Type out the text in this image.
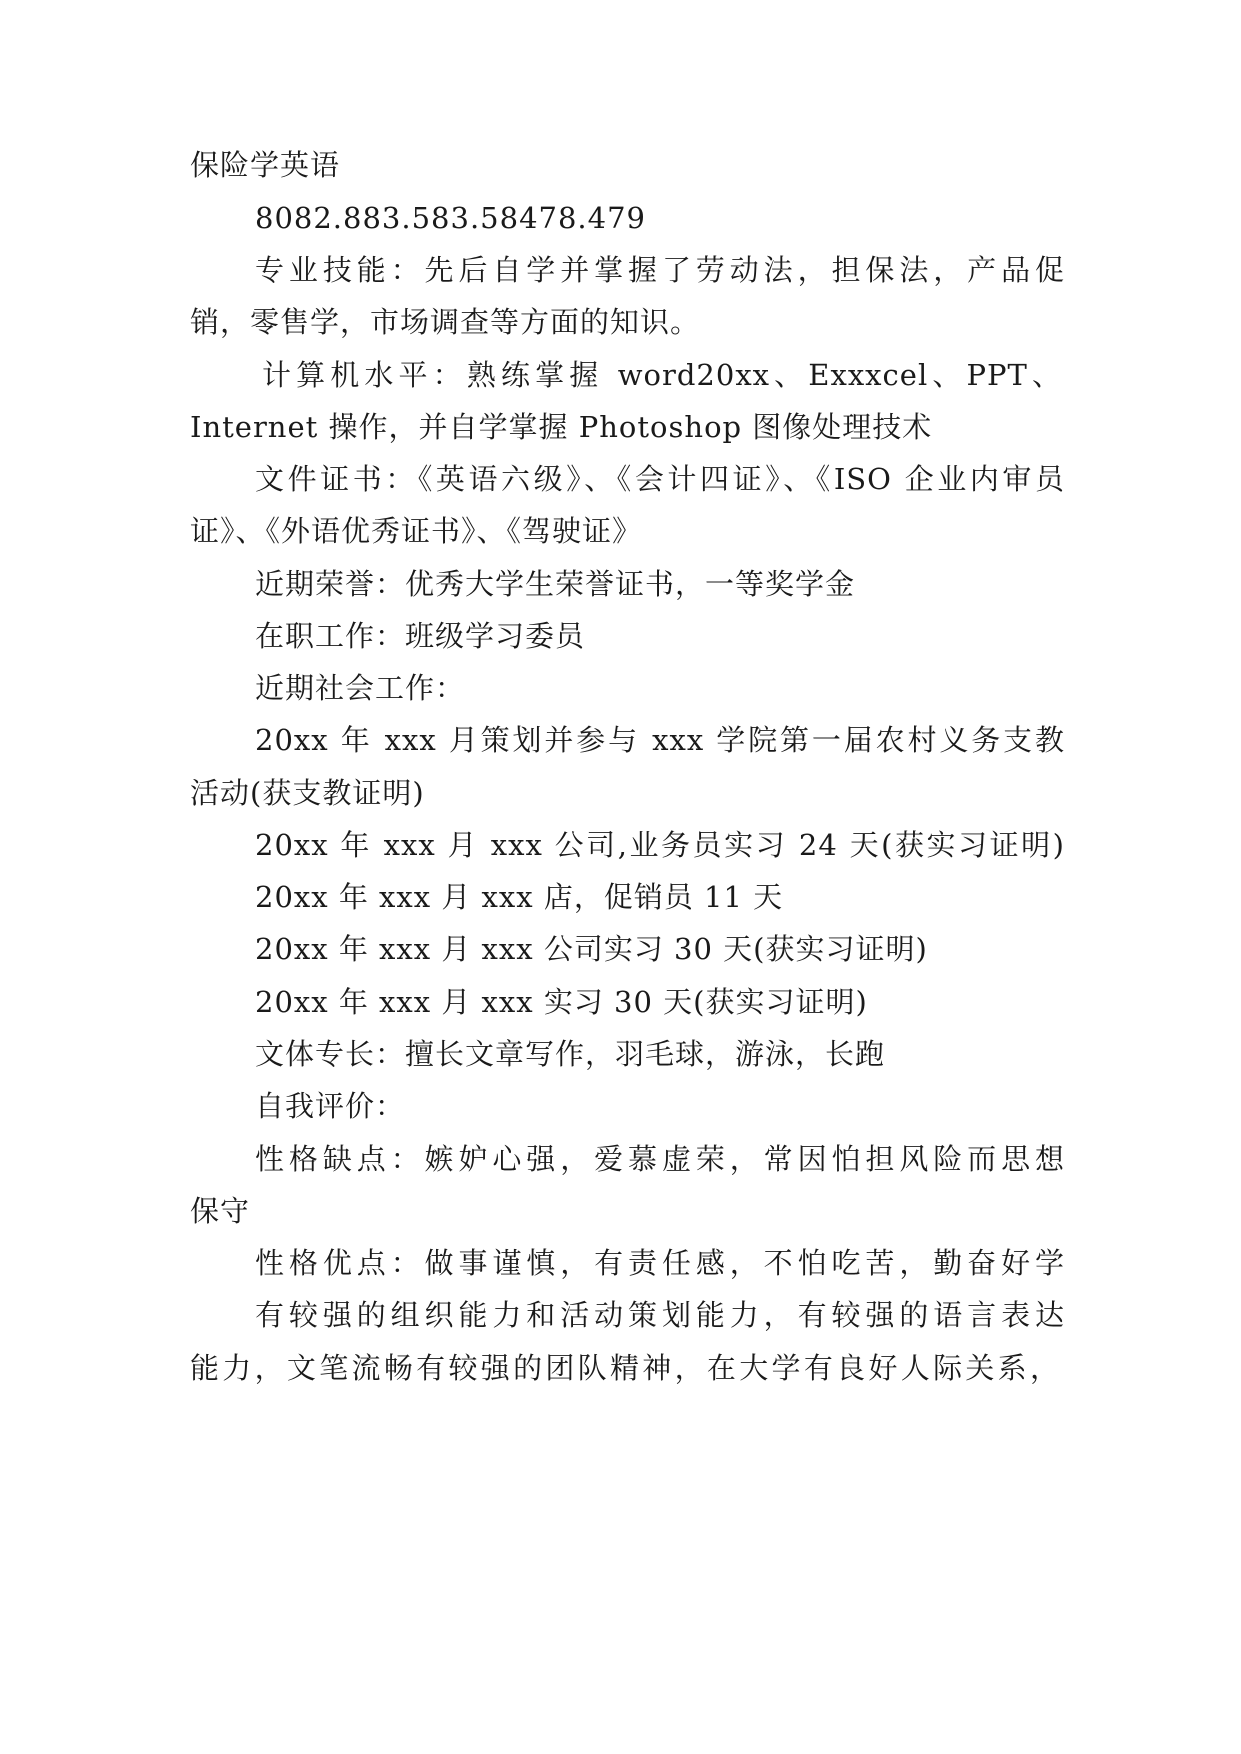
保险学英语
8082.883.583.58478.479
专业技能：先后自学并掌握了劳动法，担保法，产品促
销，零售学，市场调查等方面的知识。
计算机水平：熟练掌握 word20xx、Exxxcel、PPT、
Internet 操作，并自学掌握 Photoshop 图像处理技术
文件证书：《英语六级》、《会计四证》、《ISO 企业内审员
证》、《外语优秀证书》、《驾驶证》
近期荣誉：优秀大学生荣誉证书，一等奖学金
在职工作：班级学习委员
近期社会工作：
20xx 年 xxx 月策划并参与 xxx 学院第一届农村义务支教
活动(获支教证明)
20xx 年 xxx 月 xxx 公司,业务员实习 24 天(获实习证明)
20xx 年 xxx 月 xxx 店，促销员 11 天
20xx 年 xxx 月 xxx 公司实习 30 天(获实习证明)
20xx 年 xxx 月 xxx 实习 30 天(获实习证明)
文体专长：擅长文章写作，羽毛球，游泳，长跑
自我评价：
性格缺点：嫉妒心强，爱慕虚荣，常因怕担风险而思想
保守
性格优点：做事谨慎，有责任感，不怕吃苦，勤奋好学
有较强的组织能力和活动策划能力，有较强的语言表达
能力，文笔流畅有较强的团队精神，在大学有良好人际关系，
